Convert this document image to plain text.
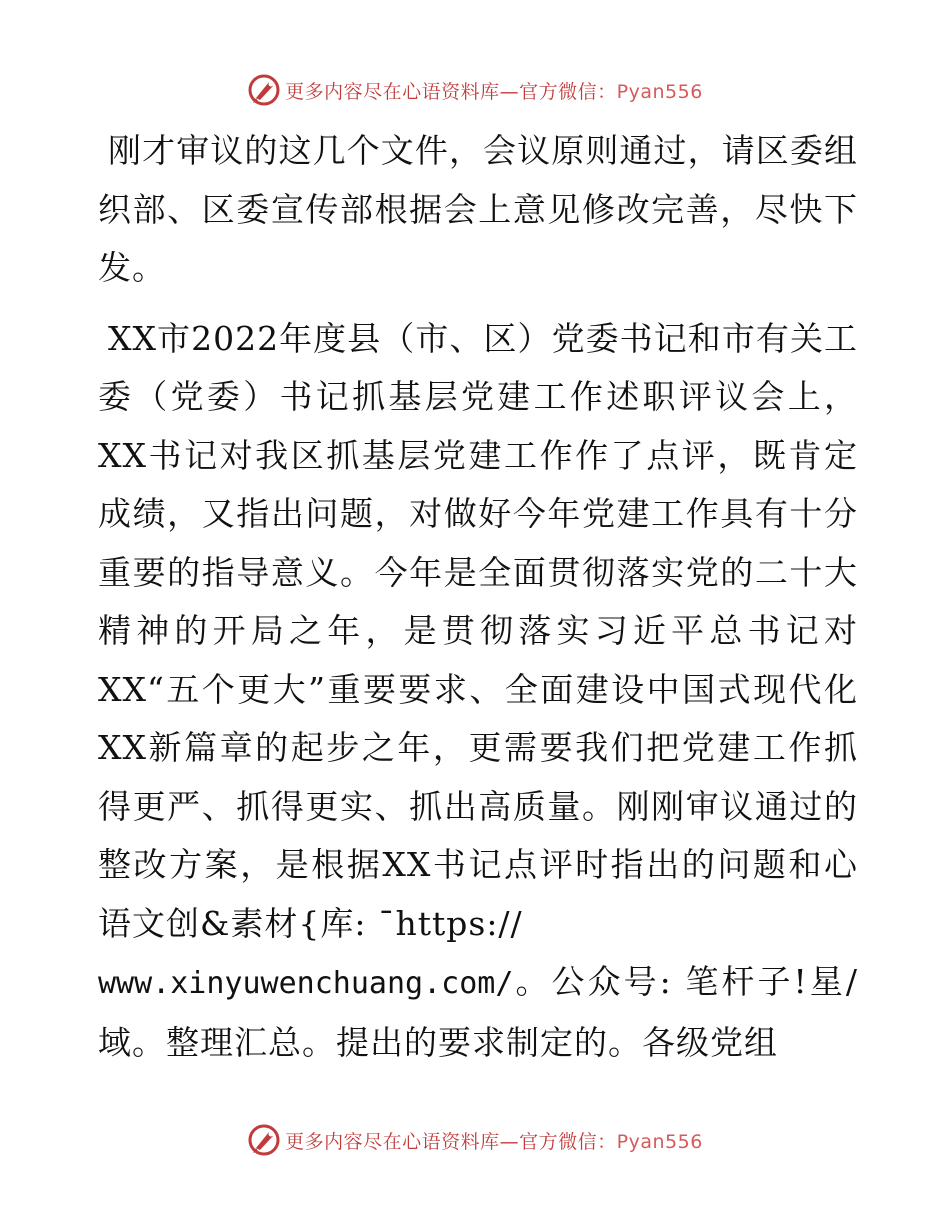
更多内容尽在心语资料库—官方微信：Pyan556

刚才审议的这几个文件，会议原则通过，请区委组织部、区委宣传部根据会上意见修改完善，尽快下发。

XX市2022年度县（市、区）党委书记和市有关工委（党委）书记抓基层党建工作述职评议会上，XX书记对我区抓基层党建工作作了点评，既肯定成绩，又指出问题，对做好今年党建工作具有十分重要的指导意义。今年是全面贯彻落实党的二十大精神的开局之年，是贯彻落实习近平总书记对XX“五个更大”重要要求、全面建设中国式现代化XX新篇章的起步之年，更需要我们把党建工作抓得更严、抓得更实、抓出高质量。刚刚审议通过的整改方案，是根据XX书记点评时指出的问题和心语文创&素材{库: ¯https://
www.xinyuwenchuang.com/。公众号: 笔杆子!星/域。整理汇总。提出的要求制定的。各级党组

更多内容尽在心语资料库—官方微信：Pyan556
